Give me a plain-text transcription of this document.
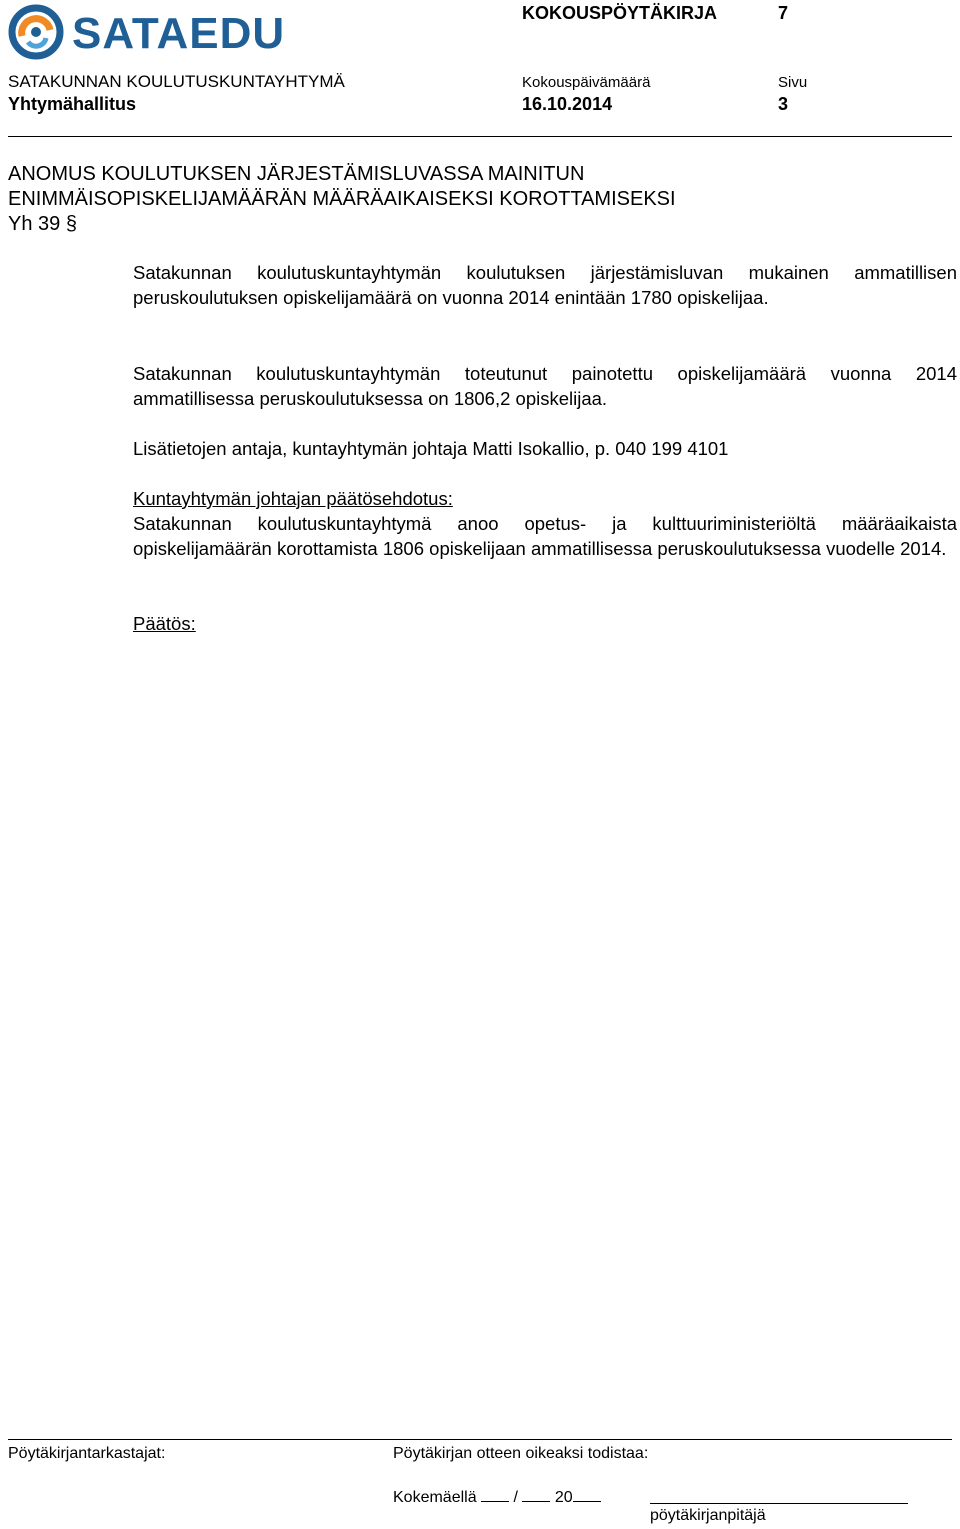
SATAEDU	KOKOUSPÖYTÄKIRJA	7
SATAKUNNAN KOULUTUSKUNTAYHTYMÄ	Kokouspäivämäärä	Sivu
Yhtymähallitus	16.10.2014	3
ANOMUS KOULUTUKSEN JÄRJESTÄMISLUVASSA MAINITUN
ENIMMÄISOPISKELIJAMÄÄRÄN MÄÄRÄAIKAISEKSI KOROTTAMISEKSI
Yh 39 §
Satakunnan koulutuskuntayhtymän koulutuksen järjestämisluvan mukainen ammatillisen peruskoulutuksen opiskelijamäärä on vuonna 2014 enintään 1780 opiskelijaa.
Satakunnan koulutuskuntayhtymän toteutunut painotettu opiskelijamäärä vuonna 2014 ammatillisessa peruskoulutuksessa on 1806,2 opiskelijaa.
Lisätietojen antaja, kuntayhtymän johtaja Matti Isokallio, p. 040 199 4101
Kuntayhtymän johtajan päätösehdotus:
Satakunnan koulutuskuntayhtymä anoo opetus- ja kulttuuriministeriöltä määräaikaista opiskelijamäärän korottamista 1806 opiskelijaan ammatillisessa peruskoulutuksessa vuodelle 2014.
Päätös:
Pöytäkirjantarkastajat:	Pöytäkirjan otteen oikeaksi todistaa:
Kokemäellä / 20
pöytäkirjanpitäjä
